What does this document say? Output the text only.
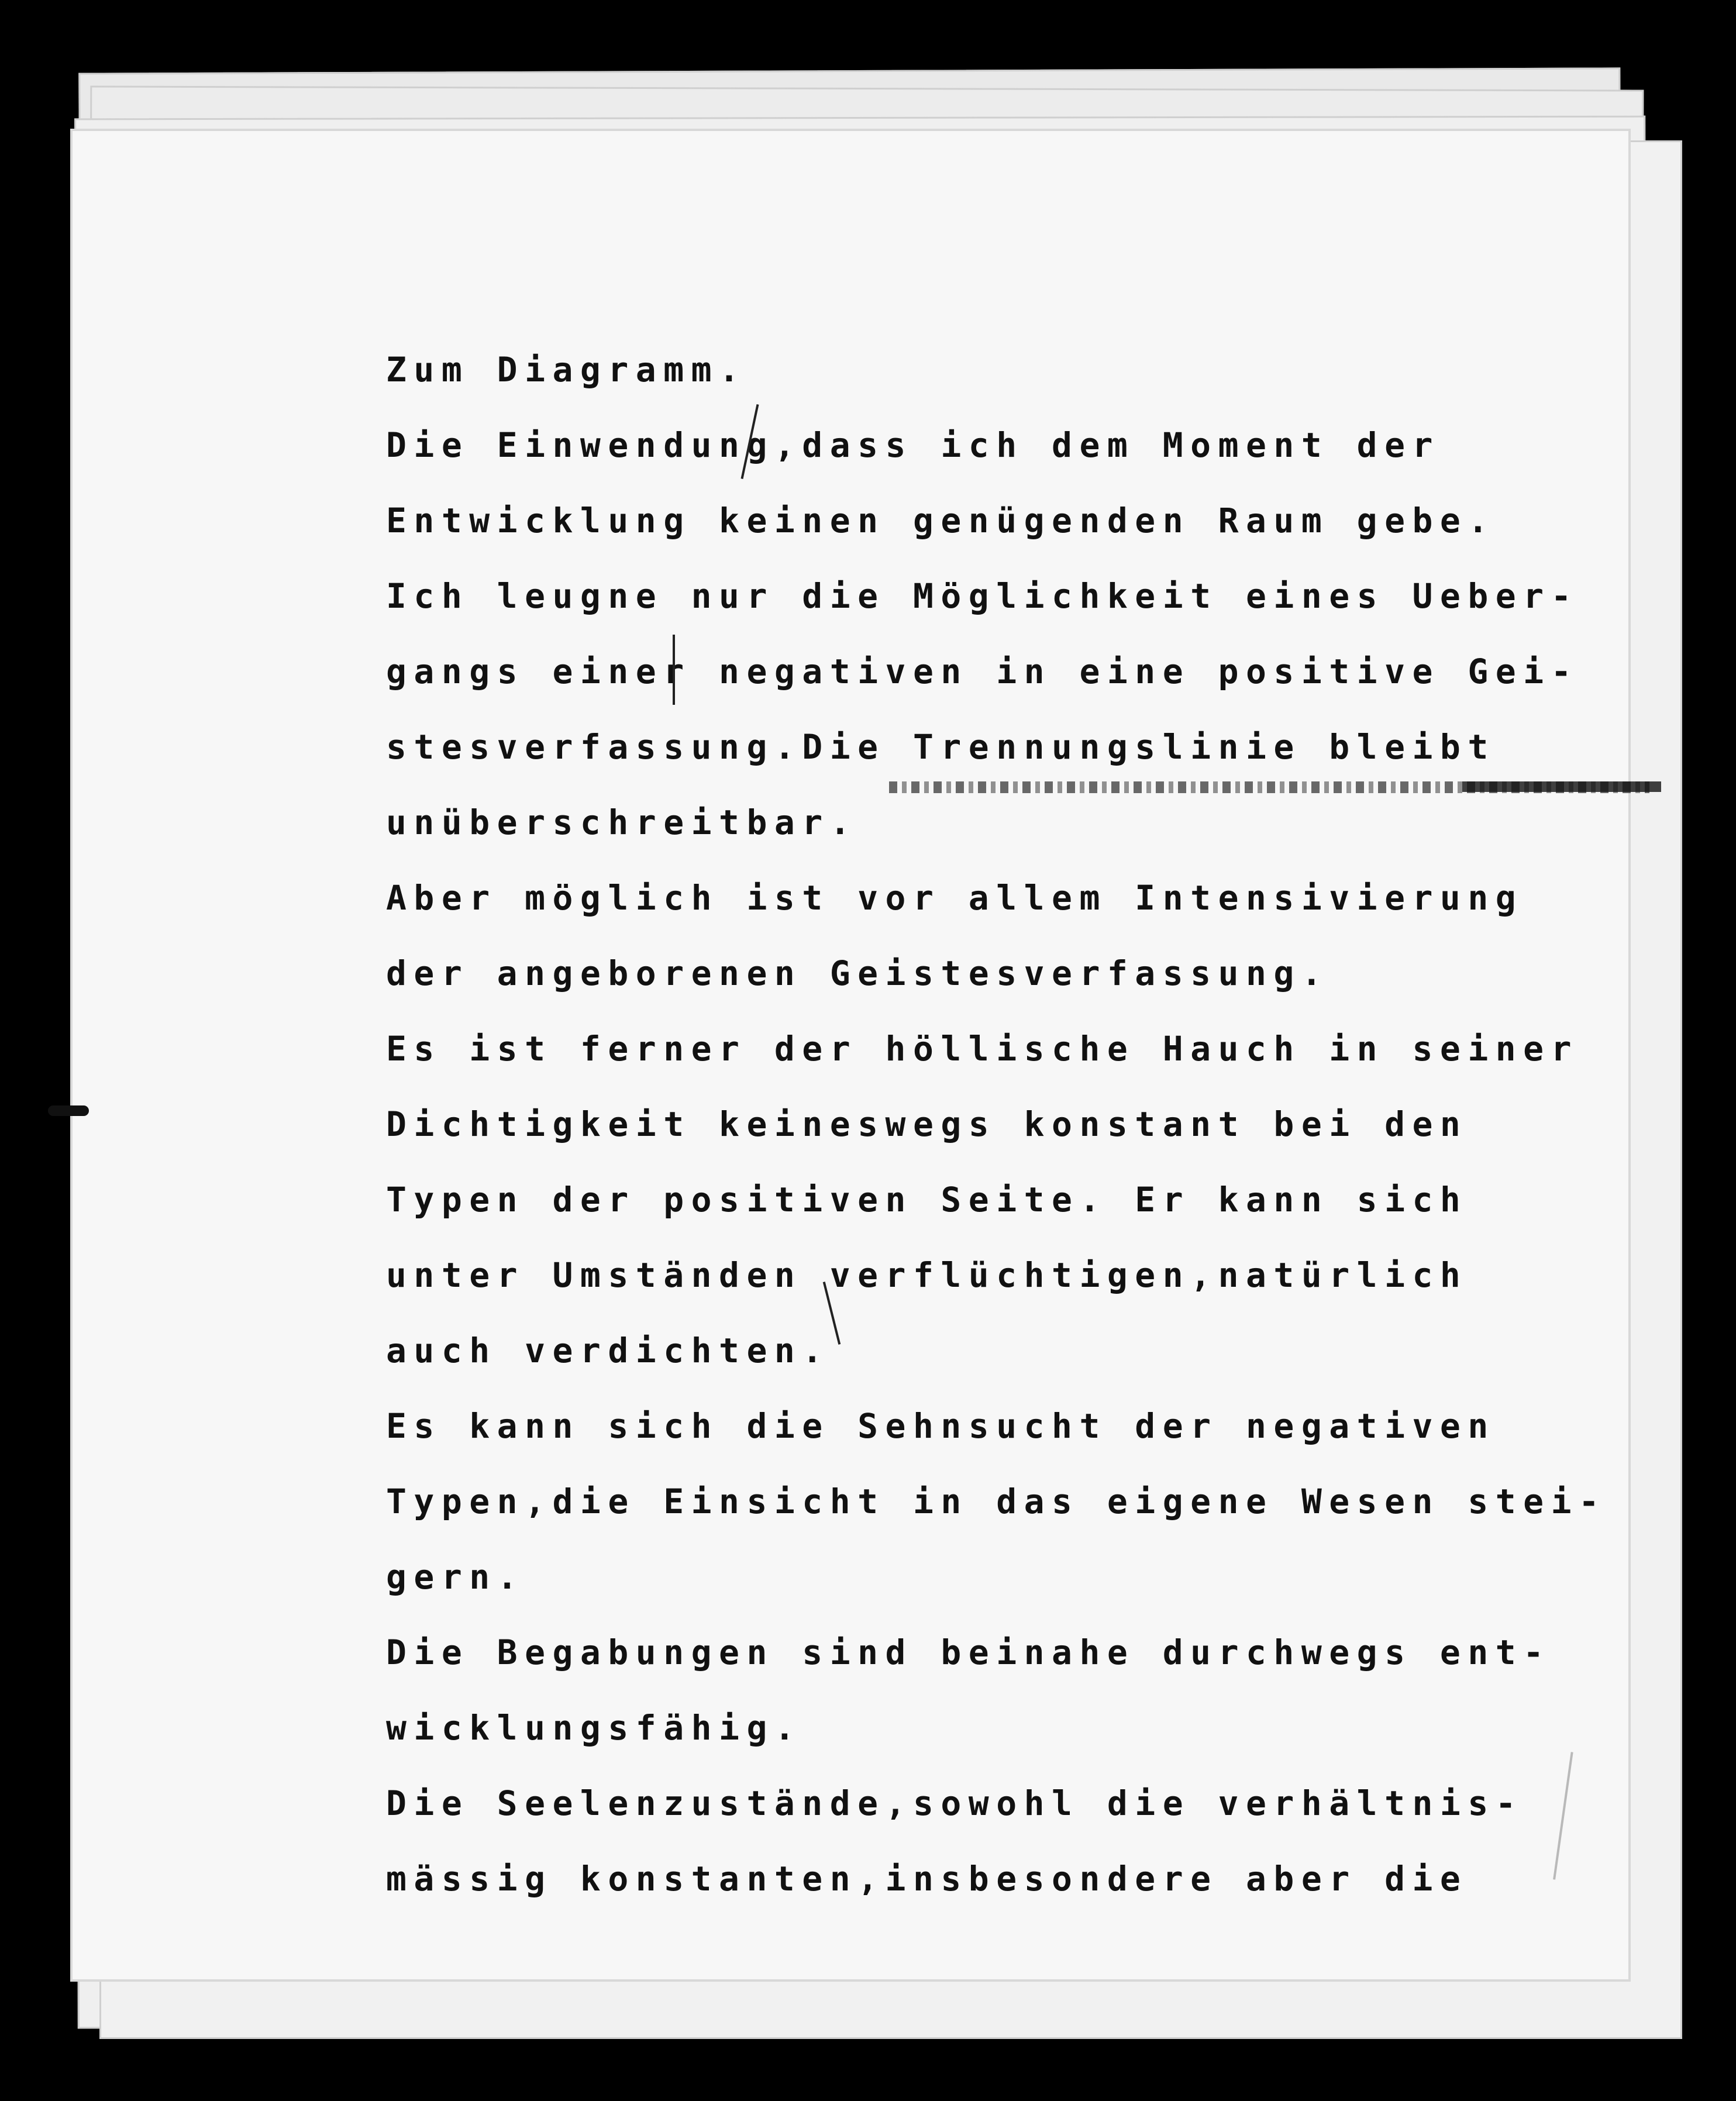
Zum Diagramm.
Die Einwendung,dass ich dem Moment der
Entwicklung keinen genügenden Raum gebe.
Ich leugne nur die Möglichkeit eines Ueber-
gangs einer negativen in eine positive Gei-
stesverfassung.Die Trennungslinie bleibt
unüberschreitbar.
Aber möglich ist vor allem Intensivierung
der angeborenen Geistesverfassung.
Es ist ferner der höllische Hauch in seiner
Dichtigkeit keineswegs konstant bei den
Typen der positiven Seite. Er kann sich
unter Umständen verflüchtigen,natürlich
auch verdichten.
Es kann sich die Sehnsucht der negativen
Typen,die Einsicht in das eigene Wesen stei-
gern.
Die Begabungen sind beinahe durchwegs ent-
wicklungsfähig.
Die Seelenzustände,sowohl die verhältnis-
mässig konstanten,insbesondere aber die
